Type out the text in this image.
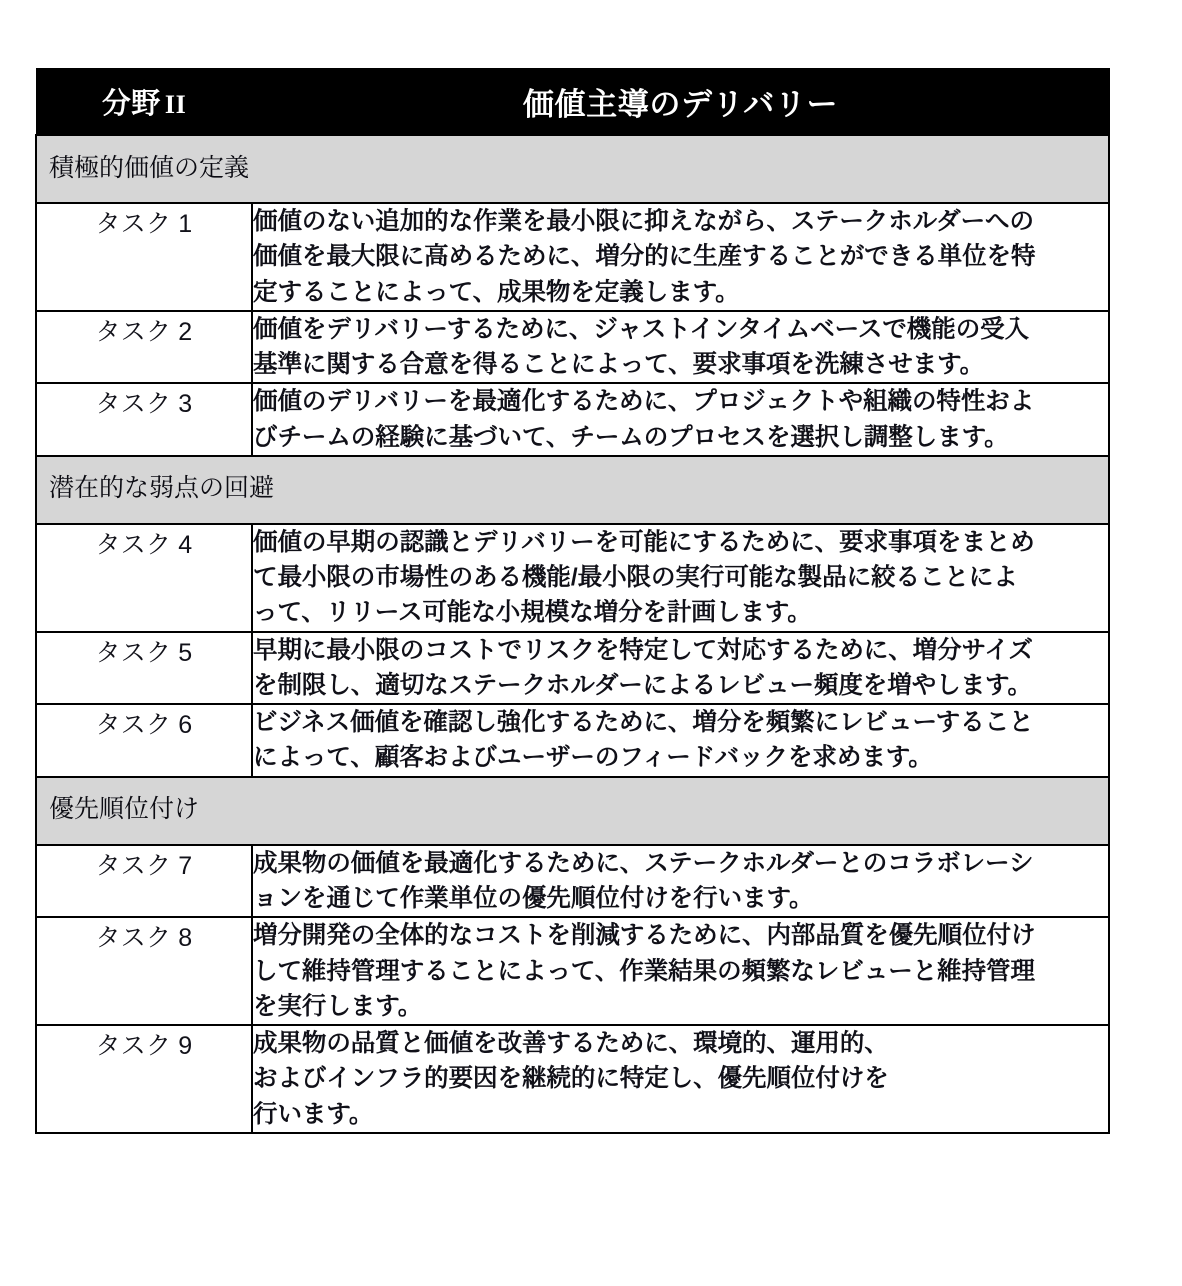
分野 II	価値主導のデリバリー
積極的価値の定義	
タスク 1	価値のない追加的な作業を最小限に抑えながら、ステークホルダーへの
価値を最大限に高めるために、増分的に生産することができる単位を特
定することによって、成果物を定義します。

タスク 2	価値をデリバリーするために、ジャストインタイムベースで機能の受入
基準に関する合意を得ることによって、要求事項を洗練させます。

タスク 3	価値のデリバリーを最適化するために、プロジェクトや組織の特性およ
びチームの経験に基づいて、チームのプロセスを選択し調整します。

潜在的な弱点の回避	
タスク 4	価値の早期の認識とデリバリーを可能にするために、要求事項をまとめ
て最小限の市場性のある機能/最小限の実行可能な製品に絞ることによ
って、リリース可能な小規模な増分を計画します。

タスク 5	早期に最小限のコストでリスクを特定して対応するために、増分サイズ
を制限し、適切なステークホルダーによるレビュー頻度を増やします。

タスク 6	ビジネス価値を確認し強化するために、増分を頻繁にレビューすること
によって、顧客およびユーザーのフィードバックを求めます。

優先順位付け	
タスク 7	成果物の価値を最適化するために、ステークホルダーとのコラボレーシ
ョンを通じて作業単位の優先順位付けを行います。

タスク 8	増分開発の全体的なコストを削減するために、内部品質を優先順位付け
して維持管理することによって、作業結果の頻繁なレビューと維持管理
を実行します。

タスク 9	成果物の品質と価値を改善するために、環境的、運用的、
およびインフラ的要因を継続的に特定し、優先順位付けを
行います。
